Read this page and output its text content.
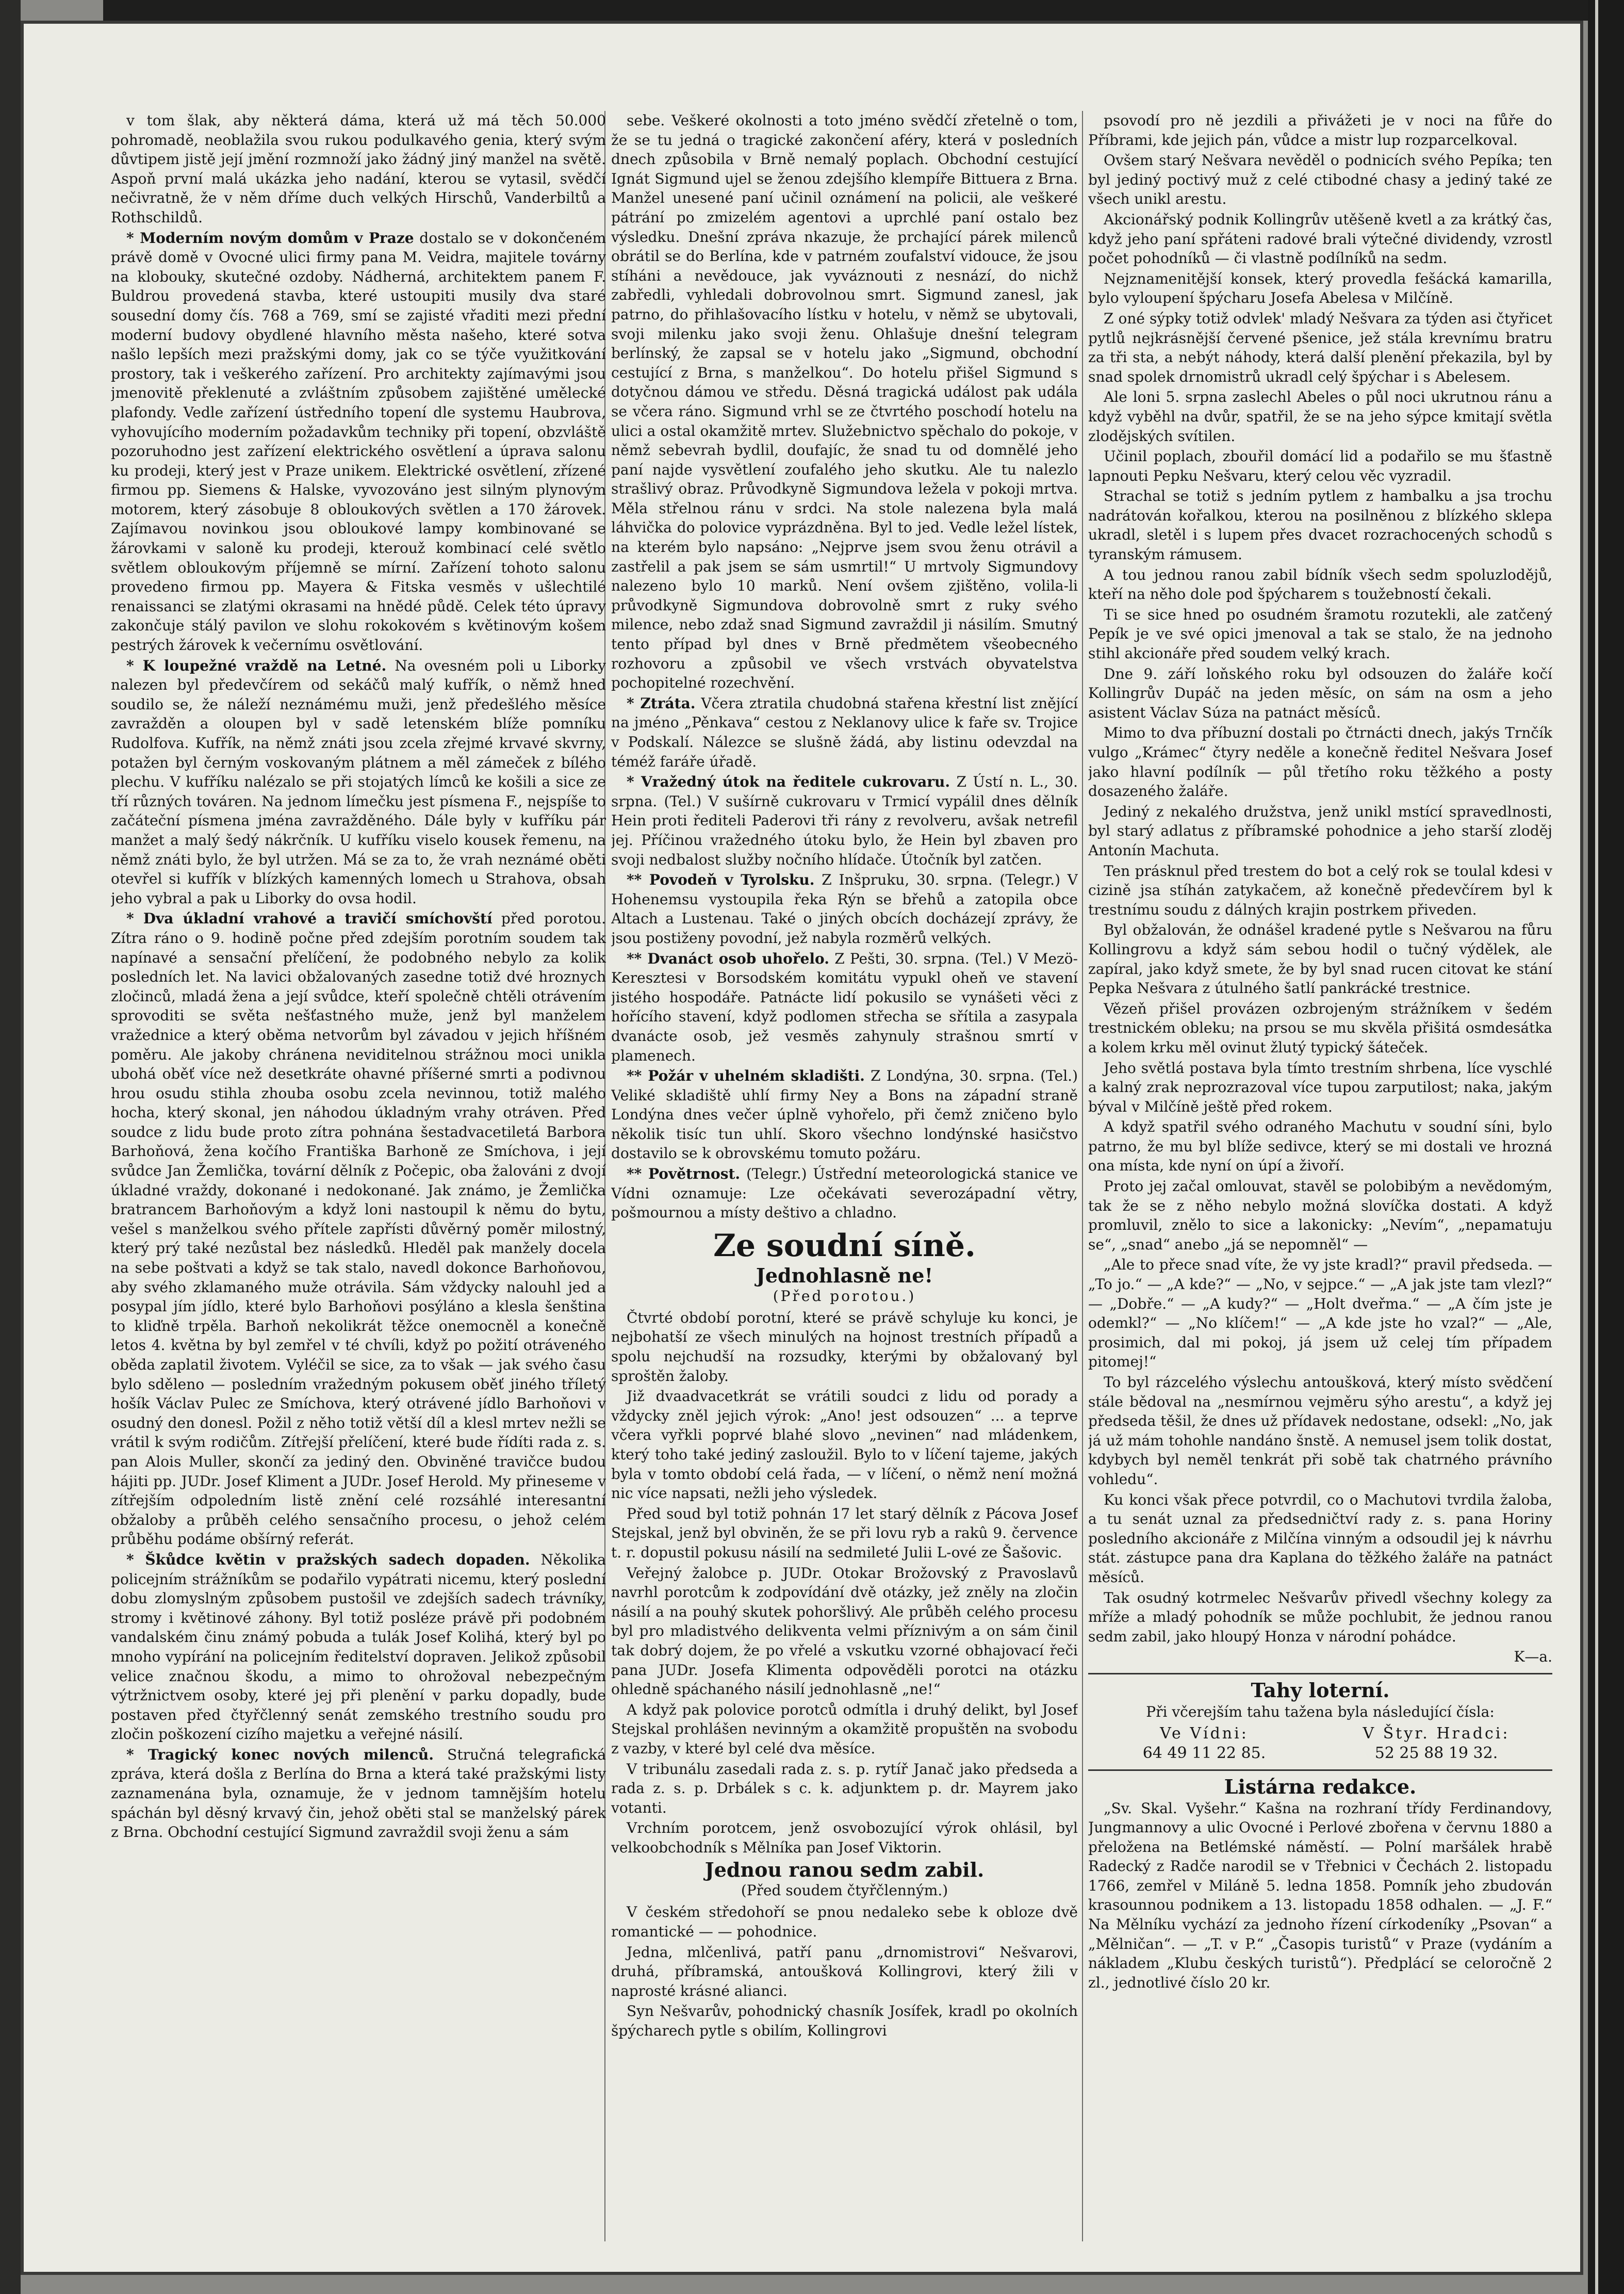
v tom šlak, aby některá dáma, která už má těch 50.000 pohromadě, neoblažila svou rukou podulkavého genia, který svým důvtipem jistě její jmění rozmnoží jako žádný jiný manžel na světě. Aspoň první malá ukázka jeho nadání, kterou se vytasil, svědčí nečivratně, že v něm dříme duch velkých Hirschů, Vanderbiltů a Rothschildů.

* Moderním novým domům v Praze dostalo se v dokončeném právě domě v Ovocné ulici firmy pana M. Veidra, majitele továrny na klobouky, skutečné ozdoby. Nádherná, architektem panem F. Buldrou provedená stavba, které ustoupiti musily dva staré sousední domy čís. 768 a 769, smí se zajisté vřaditi mezi přední moderní budovy obydlené hlavního města našeho, které sotva našlo lepších mezi pražskými domy, jak co se týče využitkování prostory, tak i veškerého zařízení. Pro architekty zajímavými jsou jmenovitě překlenuté a zvláštním způsobem zajištěné umělecké plafondy. Vedle zařízení ústředního topení dle systemu Haubrova, vyhovujícího moderním požadavkům techniky při topení, obzvláště pozoruhodno jest zařízení elektrického osvětlení a úprava salonu ku prodeji, který jest v Praze unikem. Elektrické osvětlení, zřízené firmou pp. Siemens & Halske, vyvozováno jest silným plynovým motorem, který zásobuje 8 obloukových světlen a 170 žárovek. Zajímavou novinkou jsou obloukové lampy kombinované se žárovkami v saloně ku prodeji, kterouž kombinací celé světlo světlem obloukovým příjemně se mírní. Zařízení tohoto salonu provedeno firmou pp. Mayera & Fitska vesměs v ušlechtilé renaissanci se zlatými okrasami na hnědé půdě. Celek této úpravy zakončuje stálý pavilon ve slohu rokokovém s květinovým košem pestrých žárovek k večernímu osvětlování.

* K loupežné vraždě na Letné. Na ovesném poli u Liborky nalezen byl předevčírem od sekáčů malý kufřík, o němž hned soudilo se, že náleží neznámému muži, jenž předešlého měsíce zavražděn a oloupen byl v sadě letenském blíže pomníku Rudolfova. Kufřík, na němž znáti jsou zcela zřejmé krvavé skvrny, potažen byl černým voskovaným plátnem a měl zámeček z bílého plechu. V kufříku nalézalo se při stojatých límců ke košili a sice ze tří různých továren. Na jednom límečku jest písmena F., nejspíše to začáteční písmena jména zavražděného. Dále byly v kufříku pár manžet a malý šedý nákrčník. U kufříku viselo kousek řemenu, na němž znáti bylo, že byl utržen. Má se za to, že vrah neznámé oběti otevřel si kufřík v blízkých kamenných lomech u Strahova, obsah jeho vybral a pak u Liborky do ovsa hodil.

* Dva úkladní vrahové a travičí smíchovští před porotou. Zítra ráno o 9. hodině počne před zdejším porotním soudem tak napínavé a sensační přelíčení, že podobného nebylo za kolik posledních let. Na lavici obžalovaných zasedne totiž dvé hroznych zločinců, mladá žena a její svůdce, kteří společně chtěli otrávením sprovoditi se světa nešťastného muže, jenž byl manželem vražednice a který oběma netvorům byl závadou v jejich hříšném poměru. Ale jakoby chránena neviditelnou strážnou moci unikla ubohá oběť více než desetkráte ohavné příšerné smrti a podivnou hrou osudu stihla zhouba osobu zcela nevinnou, totiž malého hocha, který skonal, jen náhodou úkladným vrahy otráven. Před soudce z lidu bude proto zítra pohnána šestadvacetiletá Barbora Barhoňová, žena kočího Františka Barhoně ze Smíchova, i její svůdce Jan Žemlička, tovární dělník z Počepic, oba žalováni z dvojí úkladné vraždy, dokonané i nedokonané. Jak známo, je Žemlička bratrancem Barhoňovým a když loni nastoupil k němu do bytu, vešel s manželkou svého přítele zapřísti důvěrný poměr milostný, který prý také nezůstal bez následků. Hleděl pak manžely docela na sebe poštvati a když se tak stalo, navedl dokonce Barhoňovou, aby svého zklamaného muže otrávila. Sám vždycky nalouhl jed a posypal jím jídlo, které bylo Barhoňovi posýláno a klesla šenština to kliďně trpěla. Barhoň nekolikrát těžce onemocněl a konečně letos 4. května by byl zemřel v té chvíli, když po požití otráveného oběda zaplatil životem. Vyléčil se sice, za to však — jak svého času bylo sděleno — posledním vražedným pokusem oběť jiného tříletý hošík Václav Pulec ze Smíchova, který otrávené jídlo Barhoňovi v osudný den donesl. Požil z něho totiž větší díl a klesl mrtev nežli se vrátil k svým rodičům. Zítřejší přelíčení, které bude řídíti rada z. s. pan Alois Muller, skončí za jediný den. Obviněné travičce budou hájiti pp. JUDr. Josef Kliment a JUDr. Josef Herold. My přineseme v zítřejším odpoledním listě znění celé rozsáhlé interesantní obžaloby a průběh celého sensačního procesu, o jehož celém průběhu podáme obšírný referát.

* Škůdce květin v pražských sadech dopaden. Několika policejním strážníkům se podařilo vypátrati nicemu, který poslední dobu zlomyslným způsobem pustošil ve zdejších sadech trávníky, stromy i květinové záhony. Byl totiž posléze právě při podobném vandalském činu známý pobuda a tulák Josef Kolihá, který byl po mnoho vypírání na policejním ředitelství dopraven. Jelikož způsobil velice značnou škodu, a mimo to ohrožoval nebezpečným výtržnictvem osoby, které jej při plenění v parku dopadly, bude postaven před čtyřčlenný senát zemského trestního soudu pro zločin poškození cizího majetku a veřejné násilí.

* Tragický konec nových milenců. Stručná telegrafická zpráva, která došla z Berlína do Brna a která také pražskými listy zaznamenána byla, oznamuje, že v jednom tamnějším hotelu spáchán byl děsný krvavý čin, jehož oběti stal se manželský párek z Brna. Obchodní cestující Sigmund zavraždil svoji ženu a sám

sebe. Veškeré okolnosti a toto jméno svědčí zřetelně o tom, že se tu jedná o tragické zakončení aféry, která v posledních dnech způsobila v Brně nemalý poplach. Obchodní cestující Ignát Sigmund ujel se ženou zdejšího klempíře Bittuera z Brna. Manžel unesené paní učinil oznámení na policii, ale veškeré pátrání po zmizelém agentovi a uprchlé paní ostalo bez výsledku. Dnešní zpráva nkazuje, že prchající párek milenců obrátil se do Berlína, kde v patrném zoufalství vidouce, že jsou stíháni a nevědouce, jak vyváznouti z nesnází, do nichž zabředli, vyhledali dobrovolnou smrt. Sigmund zanesl, jak patrno, do přihlašovacího lístku v hotelu, v němž se ubytovali, svoji milenku jako svoji ženu. Ohlašuje dnešní telegram berlínský, že zapsal se v hotelu jako „Sigmund, obchodní cestující z Brna, s manželkou“. Do hotelu přišel Sigmund s dotyčnou dámou ve středu. Děsná tragická událost pak udála se včera ráno. Sigmund vrhl se ze čtvrtého poschodí hotelu na ulici a ostal okamžitě mrtev. Služebnictvo spěchalo do pokoje, v němž sebevrah bydlil, doufajíc, že snad tu od domnělé jeho paní najde vysvětlení zoufalého jeho skutku. Ale tu nalezlo strašlivý obraz. Průvodkyně Sigmundova ležela v pokoji mrtva. Měla střelnou ránu v srdci. Na stole nalezena byla malá láhvička do polovice vyprázdněna. Byl to jed. Vedle ležel lístek, na kterém bylo napsáno: „Nejprve jsem svou ženu otrávil a zastřelil a pak jsem se sám usmrtil!“ U mrtvoly Sigmundovy nalezeno bylo 10 marků. Není ovšem zjištěno, volila-li průvodkyně Sigmundova dobrovolně smrt z ruky svého milence, nebo zdaž snad Sigmund zavraždil ji násilím. Smutný tento případ byl dnes v Brně předmětem všeobecného rozhovoru a způsobil ve všech vrstvách obyvatelstva pochopitelné rozechvění.

* Ztráta. Včera ztratila chudobná stařena křestní list znějící na jméno „Pěnkava“ cestou z Neklanovy ulice k faře sv. Trojice v Podskalí. Nálezce se slušně žádá, aby listinu odevzdal na téméž faráře úřadě.

* Vražedný útok na ředitele cukrovaru. Z Ústí n. L., 30. srpna. (Tel.) V sušírně cukrovaru v Trmicí vypálil dnes dělník Hein proti řediteli Paderovi tři rány z revolveru, avšak netrefil jej. Příčinou vražedného útoku bylo, že Hein byl zbaven pro svoji nedbalost služby nočního hlídače. Útočník byl zatčen.

** Povodeň v Tyrolsku. Z Inšpruku, 30. srpna. (Telegr.) V Hohenemsu vystoupila řeka Rýn se břehů a zatopila obce Altach a Lustenau. Také o jiných obcích docházejí zprávy, že jsou postiženy povodní, jež nabyla rozměrů velkých.

** Dvanáct osob uhořelo. Z Pešti, 30. srpna. (Tel.) V Mezö-Keresztesi v Borsodském komitátu vypukl oheň ve stavení jistého hospodáře. Patnácte lidí pokusilo se vynášeti věci z hořícího stavení, když podlomen střecha se sřítila a zasypala dvanácte osob, jež vesměs zahynuly strašnou smrtí v plamenech.

** Požár v uhelném skladišti. Z Londýna, 30. srpna. (Tel.) Veliké skladiště uhlí firmy Ney a Bons na západní straně Londýna dnes večer úplně vyhořelo, při čemž zničeno bylo několik tisíc tun uhlí. Skoro všechno londýnské hasičstvo dostavilo se k obrovskému tomuto požáru.

** Povětrnost. (Telegr.) Ústřední meteorologická stanice ve Vídni oznamuje: Lze očekávati severozápadní větry, pošmournou a místy deštivo a chladno.

Ze soudní síně.
Jednohlasně ne!
(Před porotou.)

Čtvrté období porotní, které se právě schyluje ku konci, je nejbohatší ze všech minulých na hojnost trestních případů a spolu nejchudší na rozsudky, kterými by obžalovaný byl sproštěn žaloby.

Již dvaadvacetkrát se vrátili soudci z lidu od porady a vždycky zněl jejich výrok: „Ano! jest odsouzen“ ... a teprve včera vyřkli poprvé blahé slovo „nevinen“ nad mládenkem, který toho také jediný zasloužil. Bylo to v líčení tajeme, jakých byla v tomto období celá řada, — v líčení, o němž není možná nic více napsati, nežli jeho výsledek.

Před soud byl totiž pohnán 17 let starý dělník z Pácova Josef Stejskal, jenž byl obviněn, že se při lovu ryb a rakû 9. července t. r. dopustil pokusu násilí na sedmileté Julii L-ové ze Šašovic.

Veřejný žalobce p. JUDr. Otokar Brožovský z Pravoslavů navrhl porotcům k zodpovídání dvě otázky, jež zněly na zločin násilí a na pouhý skutek pohoršlivý. Ale průběh celého procesu byl pro mladistvého delikventa velmi příznivým a on sám činil tak dobrý dojem, že po vřelé a vskutku vzorné obhajovací řeči pana JUDr. Josefa Klimenta odpověděli porotci na otázku ohledně spáchaného násilí jednohlasně „ne!“

A když pak polovice porotců odmítla i druhý delikt, byl Josef Stejskal prohlášen nevinným a okamžitě propuštěn na svobodu z vazby, v které byl celé dva měsíce.

V tribunálu zasedali rada z. s. p. rytíř Janač jako předseda a rada z. s. p. Drbálek s c. k. adjunktem p. dr. Mayrem jako votanti.

Vrchním porotcem, jenž osvobozující výrok ohlásil, byl velkoobchodník s Mělníka pan Josef Viktorin.

Jednou ranou sedm zabil.
(Před soudem čtyřčlenným.)

V českém středohoří se pnou nedaleko sebe k obloze dvě romantické — — pohodnice.

Jedna, mlčenlivá, patří panu „drnomistrovi“ Nešvarovi, druhá, příbramská, antoušková Kollingrovi, který žili v naprosté krásné alianci.

Syn Nešvarův, pohodnický chasník Josífek, kradl po okolních špýcharech pytle s obilím, Kollingrovi

psovodí pro ně jezdili a přivážeti je v noci na fůře do Příbrami, kde jejich pán, vůdce a mistr lup rozparcelkoval.

Ovšem starý Nešvara nevěděl o podnicích svého Pepíka; ten byl jediný poctivý muž z celé ctibodné chasy a jediný také ze všech unikl arestu.

Akcionářský podnik Kollingrův utěšeně kvetl a za krátký čas, když jeho paní spřáteni radové brali výtečné dividendy, vzrostl počet pohodníků — či vlastně podílníků na sedm.

Nejznamenitější konsek, který provedla fešácká kamarilla, bylo vyloupení špýcharu Josefa Abelesa v Milčíně.

Z oné sýpky totiž odvlek' mladý Nešvara za týden asi čtyřicet pytlů nejkrásnější červené pšenice, jež stála krevnímu bratru za tři sta, a nebýt náhody, která další plenění překazila, byl by snad spolek drnomistrů ukradl celý špýchar i s Abelesem.

Ale loni 5. srpna zaslechl Abeles o půl noci ukrutnou ránu a když vyběhl na dvůr, spatřil, že se na jeho sýpce kmitají světla zlodějských svítilen.

Učinil poplach, zbouřil domácí lid a podařilo se mu šťastně lapnouti Pepku Nešvaru, který celou věc vyzradil.

Strachal se totiž s jedním pytlem z hambalku a jsa trochu nadrátován kořalkou, kterou na posilněnou z blízkého sklepa ukradl, sletěl i s lupem přes dvacet rozrachocených schodů s tyranským rámusem.

A tou jednou ranou zabil bídník všech sedm spoluzlodějů, kteří na něho dole pod špýcharem s toužebností čekali.

Ti se sice hned po osudném šramotu rozutekli, ale zatčený Pepík je ve své opici jmenoval a tak se stalo, že na jednoho stihl akcionáře před soudem velký krach.

Dne 9. září loňského roku byl odsouzen do žaláře kočí Kollingrův Dupáč na jeden měsíc, on sám na osm a jeho asistent Václav Súza na patnáct měsíců.

Mimo to dva příbuzní dostali po čtrnácti dnech, jakýs Trnčík vulgo „Krámec“ čtyry neděle a konečně ředitel Nešvara Josef jako hlavní podílník — půl třetího roku těžkého a posty dosazeného žaláře.

Jediný z nekalého družstva, jenž unikl mstící spravedlnosti, byl starý adlatus z příbramské pohodnice a jeho starší zloděj Antonín Machuta.

Ten prásknul před trestem do bot a celý rok se toulal kdesi v cizině jsa stíhán zatykačem, až konečně předevčírem byl k trestnímu soudu z dálných krajin postrkem přiveden.

Byl obžalován, že odnášel kradené pytle s Nešvarou na fůru Kollingrovu a když sám sebou hodil o tučný výdělek, ale zapíral, jako když smete, že by byl snad rucen citovat ke stání Pepka Nešvara z útulného šatlí pankrácké trestnice.

Vězeň přišel provázen ozbrojeným strážníkem v šedém trestnickém obleku; na prsou se mu skvěla přišitá osmdesátka a kolem krku měl ovinut žlutý typický šáteček.

Jeho světlá postava byla tímto trestním shrbena, líce vyschlé a kalný zrak neprozrazoval více tupou zarputilost; naka, jakým býval v Milčíně ještě před rokem.

A když spatřil svého odraného Machutu v soudní síni, bylo patrno, že mu byl blíže sedivce, který se mi dostali ve hrozná ona místa, kde nyní on úpí a živoří.

Proto jej začal omlouvat, stavěl se polobibým a nevědomým, tak že se z něho nebylo možná slovíčka dostati. A když promluvil, znělo to sice a lakonicky: „Nevím“, „nepamatuju se“, „snad“ anebo „já se nepomněl“ —

„Ale to přece snad víte, že vy jste kradl?“ pravil předseda. — „To jo.“ — „A kde?“ — „No, v sejpce.“ — „A jak jste tam vlezl?“ — „Dobře.“ — „A kudy?“ — „Holt dveřma.“ — „A čím jste je odemkl?“ — „No klíčem!“ — „A kde jste ho vzal?“ — „Ale, prosimich, dal mi pokoj, já jsem už celej tím případem pitomej!“

To byl rázcelého výslechu antoušková, který místo svědčení stále bědoval na „nesmírnou vejměru sýho arestu“, a když jej předseda těšil, že dnes už přídavek nedostane, odsekl: „No, jak já už mám tohohle nandáno šnstě. A nemusel jsem tolik dostat, kdybych byl neměl tenkrát při sobě tak chatrného právního vohledu“.

Ku konci však přece potvrdil, co o Machutovi tvrdila žaloba, a tu senát uznal za předsedničtví rady z. s. pana Horiny posledního akcionáře z Milčína vinným a odsoudil jej k návrhu stát. zástupce pana dra Kaplana do těžkého žaláře na patnáct měsíců.

Tak osudný kotrmelec Nešvarův přivedl všechny kolegy za mříže a mladý pohodník se může pochlubit, že jednou ranou sedm zabil, jako hloupý Honza v národní pohádce.

K—a.

Tahy loterní.

Při včerejším tahu tažena byla následující čísla:

Ve Vídni:	V Štyr. Hradci:
64 49 11 22 85.	52 25 88 19 32.
Listárna redakce.

„Sv. Skal. Vyšehr.“ Kašna na rozhraní třídy Ferdinandovy, Jungmannovy a ulic Ovocné i Perlové zbořena v červnu 1880 a přeložena na Betlémské náměstí. — Polní maršálek hrabě Radecký z Radče narodil se v Třebnici v Čechách 2. listopadu 1766, zemřel v Miláně 5. ledna 1858. Pomník jeho zbudován krasounnou podnikem a 13. listopadu 1858 odhalen. — „J. F.“ Na Mělníku vychází za jednoho řízení církodeníky „Psovan“ a „Mělničan“. — „T. v P.“ „Časopis turistů“ v Praze (vydáním a nákladem „Klubu českých turistů“). Předplácí se celoročně 2 zl., jednotlivé číslo 20 kr.
